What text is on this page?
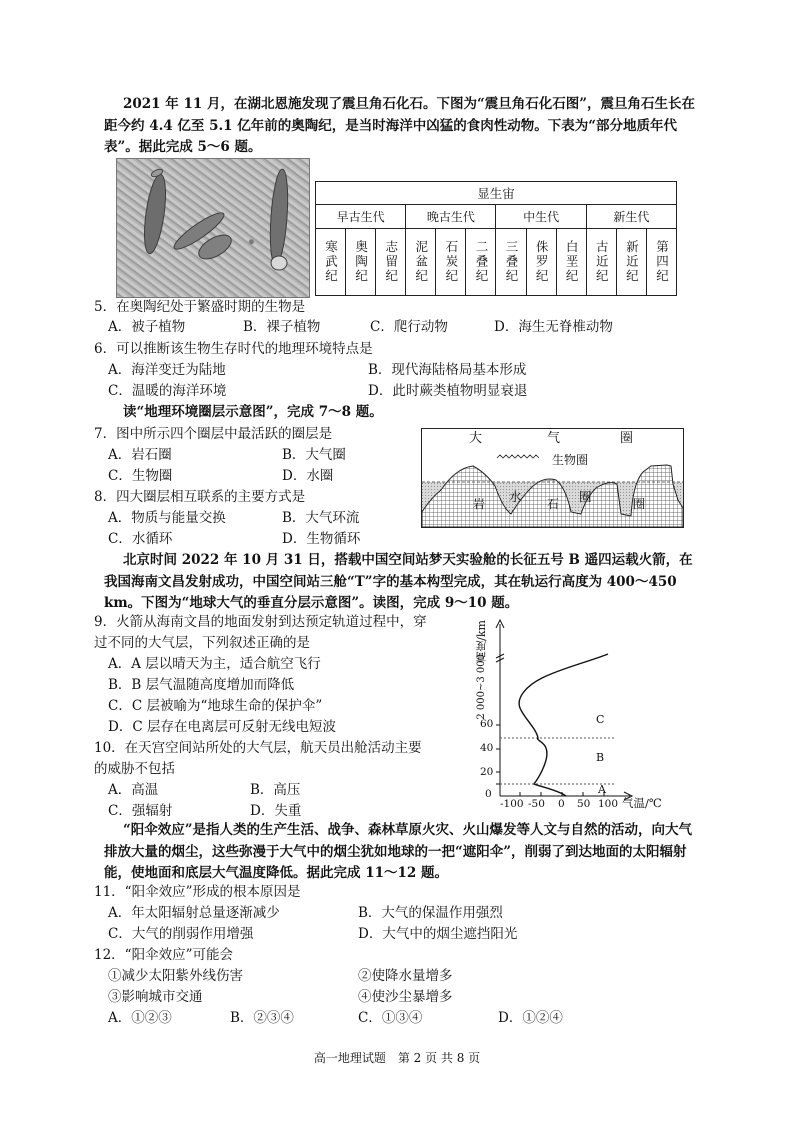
2021 年 11 月，在湖北恩施发现了震旦角石化石。下图为“震旦角石化石图”，震旦角石生长在距今约 4.4 亿至 5.1 亿年前的奥陶纪，是当时海洋中凶猛的食肉性动物。下表为“部分地质年代表”。据此完成 5～6 题。
显生宙											
早古生代			晚古生代			中生代			新生代		
寒武纪	奥陶纪	志留纪	泥盆纪	石炭纪	二叠纪	三叠纪	侏罗纪	白垩纪	古近纪	新近纪	第四纪
5．在奥陶纪处于繁盛时期的生物是
A．被子植物	B．裸子植物	C．爬行动物	D．海生无脊椎动物
6．可以推断该生物生存时代的地理环境特点是
A．海洋变迁为陆地	B．现代海陆格局基本形成
C．温暖的海洋环境	D．此时蕨类植物明显衰退
读“地理环境圈层示意图”，完成 7～8 题。
大	气	圈
生物圈
岩 水 石 圈	圈
7．图中所示四个圈层中最活跃的圈层是
A．岩石圈	B．大气圈
C．生物圈	D．水圈
8．四大圈层相互联系的主要方式是
A．物质与能量交换	B．大气环流
C．水循环	D．生物循环
北京时间 2022 年 10 月 31 日，搭载中国空间站梦天实验舱的长征五号 B 遥四运载火箭，在我国海南文昌发射成功，中国空间站三舱“T”字的基本构型完成，其在轨运行高度为 400～450 km。下图为“地球大气的垂直分层示意图”。读图，完成 9～10 题。
9．火箭从海南文昌的地面发射到达预定轨道过程中，穿
过不同的大气层，下列叙述正确的是
A．A 层以晴天为主，适合航空飞行
B．B 层气温随高度增加而降低
C．C 层被喻为“地球生命的保护伞”
D．C 层存在电离层可反射无线电短波
10．在天宫空间站所处的大气层，航天员出舱活动主要
的威胁不包括
A．高温	B．高压
C．强辐射	D．失重
高度/km
2 000~3 000
0
20
40
60
-100 -50 0 50 100 气温/℃
A
B
C
“阳伞效应”是指人类的生产生活、战争、森林草原火灾、火山爆发等人文与自然的活动，向大气排放大量的烟尘，这些弥漫于大气中的烟尘犹如地球的一把“遮阳伞”，削弱了到达地面的太阳辐射能，使地面和底层大气温度降低。据此完成 11～12 题。
11．“阳伞效应”形成的根本原因是
A．年太阳辐射总量逐渐减少	B．大气的保温作用强烈
C．大气的削弱作用增强	D．大气中的烟尘遮挡阳光
12．“阳伞效应”可能会
①减少太阳紫外线伤害	②使降水量增多
③影响城市交通	④使沙尘暴增多
A．①②③	B．②③④	C．①③④	D．①②④
高一地理试题　第 2 页 共 8 页
